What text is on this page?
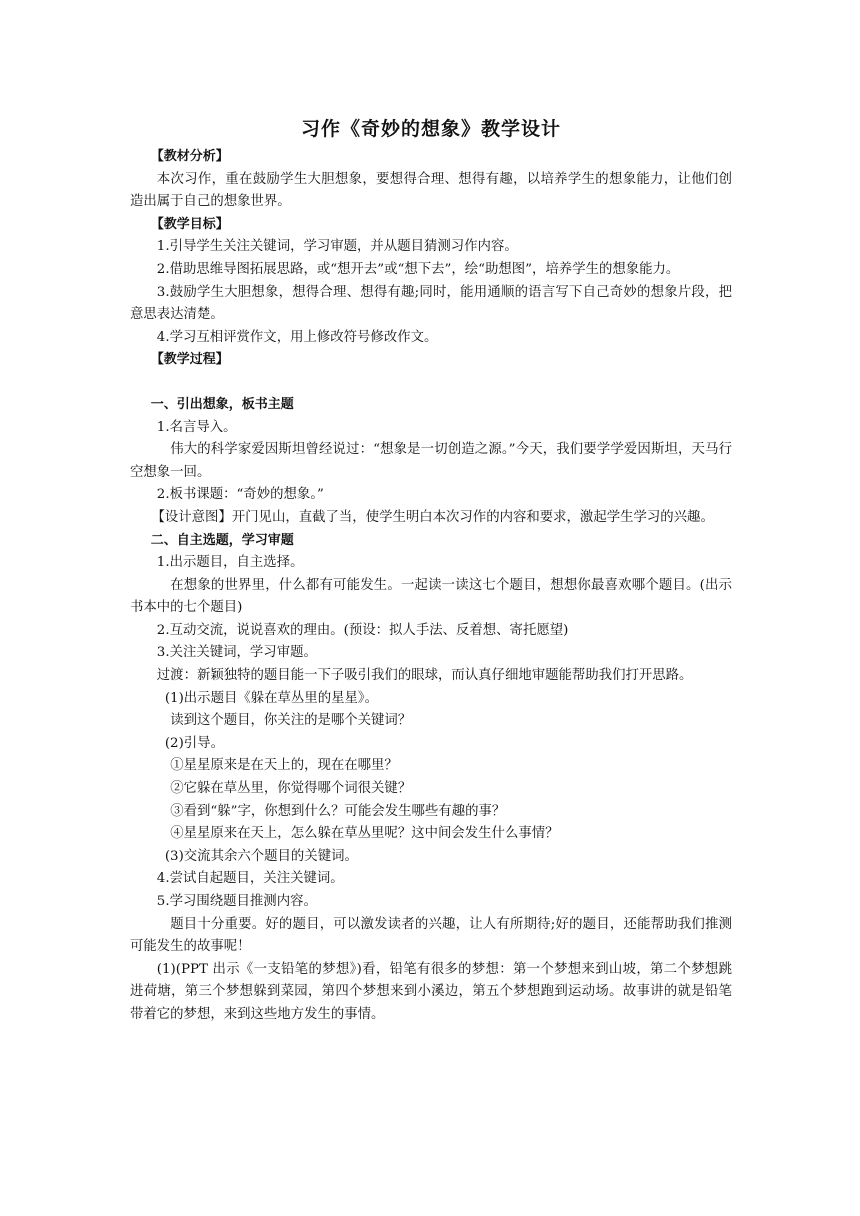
习作《奇妙的想象》教学设计

【教材分析】

本次习作，重在鼓励学生大胆想象，要想得合理、想得有趣，以培养学生的想象能力，让他们创造出属于自己的想象世界。

【教学目标】

1.引导学生关注关键词，学习审题，并从题目猜测习作内容。

2.借助思维导图拓展思路，或“想开去”或“想下去”，绘“助想图”，培养学生的想象能力。

3.鼓励学生大胆想象，想得合理、想得有趣;同时，能用通顺的语言写下自己奇妙的想象片段，把意思表达清楚。

4.学习互相评赏作文，用上修改符号修改作文。

【教学过程】

一、引出想象，板书主题

1.名言导入。

伟大的科学家爱因斯坦曾经说过：“想象是一切创造之源。”今天，我们要学学爱因斯坦，天马行空想象一回。

2.板书课题：“奇妙的想象。”

【设计意图】开门见山，直截了当，使学生明白本次习作的内容和要求，激起学生学习的兴趣。

二、自主选题，学习审题

1.出示题目，自主选择。

在想象的世界里，什么都有可能发生。一起读一读这七个题目，想想你最喜欢哪个题目。(出示书本中的七个题目)

2.互动交流，说说喜欢的理由。(预设：拟人手法、反着想、寄托愿望)

3.关注关键词，学习审题。

过渡：新颖独特的题目能一下子吸引我们的眼球，而认真仔细地审题能帮助我们打开思路。

(1)出示题目《躲在草丛里的星星》。

读到这个题目，你关注的是哪个关键词？

(2)引导。

①星星原来是在天上的，现在在哪里？

②它躲在草丛里，你觉得哪个词很关键？

③看到“躲”字，你想到什么？可能会发生哪些有趣的事？

④星星原来在天上，怎么躲在草丛里呢？这中间会发生什么事情？

(3)交流其余六个题目的关键词。

4.尝试自起题目，关注关键词。

5.学习围绕题目推测内容。

题目十分重要。好的题目，可以激发读者的兴趣，让人有所期待;好的题目，还能帮助我们推测可能发生的故事呢！

(1)(PPT 出示《一支铅笔的梦想》)看，铅笔有很多的梦想：第一个梦想来到山坡，第二个梦想跳进荷塘，第三个梦想躲到菜园，第四个梦想来到小溪边，第五个梦想跑到运动场。故事讲的就是铅笔带着它的梦想，来到这些地方发生的事情。
